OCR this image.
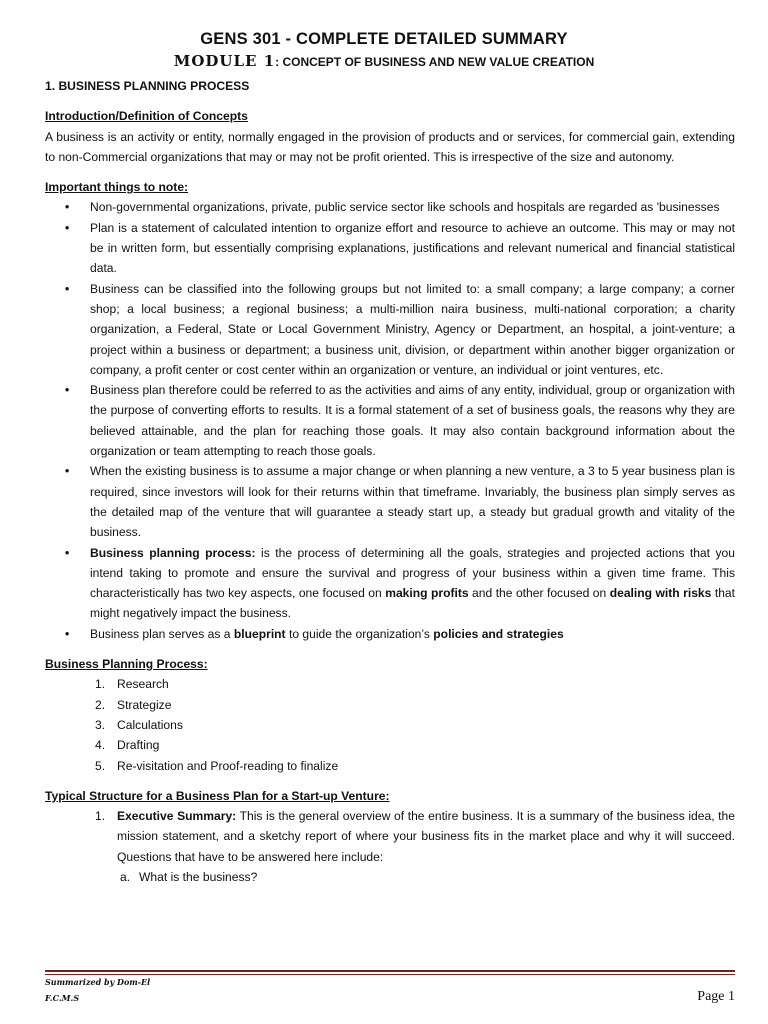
GENS 301 - COMPLETE DETAILED SUMMARY
MODULE 1: CONCEPT OF BUSINESS AND NEW VALUE CREATION
1. BUSINESS PLANNING PROCESS
Introduction/Definition of Concepts

A business is an activity or entity, normally engaged in the provision of products and or services, for commercial gain, extending to non-Commercial organizations that may or may not be profit oriented. This is irrespective of the size and autonomy.

Important things to note:
• Non-governmental organizations, private, public service sector like schools and hospitals are regarded as 'businesses
• Plan is a statement of calculated intention to organize effort and resource to achieve an outcome. This may or may not be in written form, but essentially comprising explanations, justifications and relevant numerical and financial statistical data.
• Business can be classified into the following groups but not limited to: a small company; a large company; a corner shop; a local business; a regional business; a multi-million naira business, multi-national corporation; a charity organization, a Federal, State or Local Government Ministry, Agency or Department, an hospital, a joint-venture; a project within a business or department; a business unit, division, or department within another bigger organization or company, a profit center or cost center within an organization or venture, an individual or joint ventures, etc.
• Business plan therefore could be referred to as the activities and aims of any entity, individual, group or organization with the purpose of converting efforts to results. It is a formal statement of a set of business goals, the reasons why they are believed attainable, and the plan for reaching those goals. It may also contain background information about the organization or team attempting to reach those goals.
• When the existing business is to assume a major change or when planning a new venture, a 3 to 5 year business plan is required, since investors will look for their returns within that timeframe. Invariably, the business plan simply serves as the detailed map of the venture that will guarantee a steady start up, a steady but gradual growth and vitality of the business.
• Business planning process: is the process of determining all the goals, strategies and projected actions that you intend taking to promote and ensure the survival and progress of your business within a given time frame. This characteristically has two key aspects, one focused on making profits and the other focused on dealing with risks that might negatively impact the business.
• Business plan serves as a blueprint to guide the organization’s policies and strategies
Business Planning Process:
1. Research
2. Strategize
3. Calculations
4. Drafting
5. Re-visitation and Proof-reading to finalize
Typical Structure for a Business Plan for a Start-up Venture:
1. Executive Summary: This is the general overview of the entire business. It is a summary of the business idea, the mission statement, and a sketchy report of where your business fits in the market place and why it will succeed. Questions that have to be answered here include:
a. What is the business?
Summarized by Dom-El
F.C.M.S	Page 1
